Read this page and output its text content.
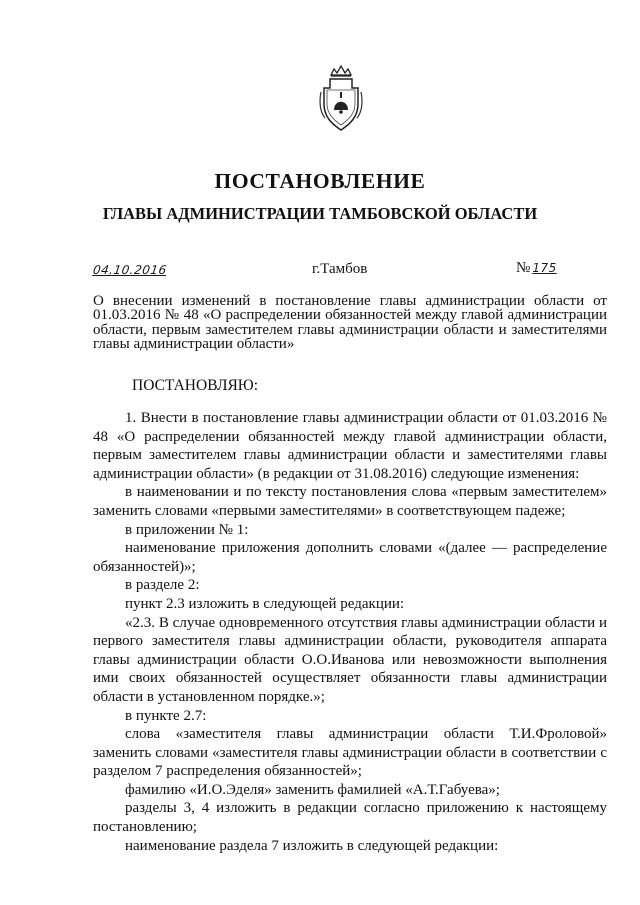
ПОСТАНОВЛЕНИЕ
ГЛАВЫ АДМИНИСТРАЦИИ ТАМБОВСКОЙ ОБЛАСТИ
04.10.2016	г.Тамбов	№ 175

О внесении изменений в постановление главы администрации области от 01.03.2016 № 48 «О распределении обязанностей между главой администрации области, первым заместителем главы администрации области и заместителями главы администрации области»

ПОСТАНОВЛЯЮ:

1. Внести в постановление главы администрации области от 01.03.2016 № 48 «О распределении обязанностей между главой администрации области, первым заместителем главы администрации области и заместителями главы администрации области» (в редакции от 31.08.2016) следующие изменения:

в наименовании и по тексту постановления слова «первым заместителем» заменить словами «первыми заместителями» в соответствующем падеже;

в приложении № 1:

наименование приложения дополнить словами «(далее — распределение обязанностей)»;

в разделе 2:

пункт 2.3 изложить в следующей редакции:

«2.3. В случае одновременного отсутствия главы администрации области и первого заместителя главы администрации области, руководителя аппарата главы администрации области О.О.Иванова или невозможности выполнения ими своих обязанностей осуществляет обязанности главы администрации области в установленном порядке.»;

в пункте 2.7:

слова «заместителя главы администрации области Т.И.Фроловой» заменить словами «заместителя главы администрации области в соответствии с разделом 7 распределения обязанностей»;

фамилию «И.О.Эделя» заменить фамилией «А.Т.Габуева»;

разделы 3, 4 изложить в редакции согласно приложению к настоящему постановлению;

наименование раздела 7 изложить в следующей редакции:
